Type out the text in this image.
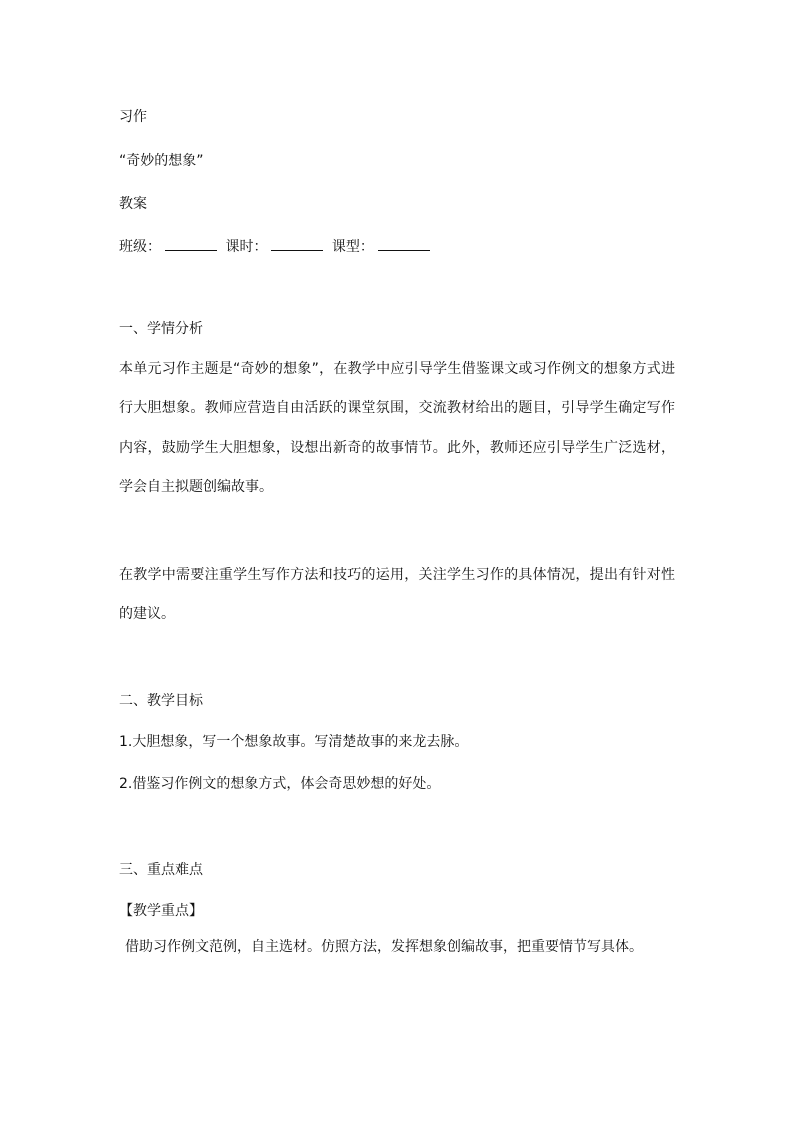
习作
“奇妙的想象”
教案
班级：	课时：	课型：
一、学情分析
本单元习作主题是“奇妙的想象”，在教学中应引导学生借鉴课文或习作例文的想象方式进行大胆想象。教师应营造自由活跃的课堂氛围，交流教材给出的题目，引导学生确定写作内容，鼓励学生大胆想象，设想出新奇的故事情节。此外，教师还应引导学生广泛选材，学会自主拟题创编故事。
在教学中需要注重学生写作方法和技巧的运用，关注学生习作的具体情况，提出有针对性的建议。
二、教学目标
1.大胆想象，写一个想象故事。写清楚故事的来龙去脉。
2.借鉴习作例文的想象方式，体会奇思妙想的好处。
三、重点难点
【教学重点】
借助习作例文范例，自主选材。仿照方法，发挥想象创编故事，把重要情节写具体。
